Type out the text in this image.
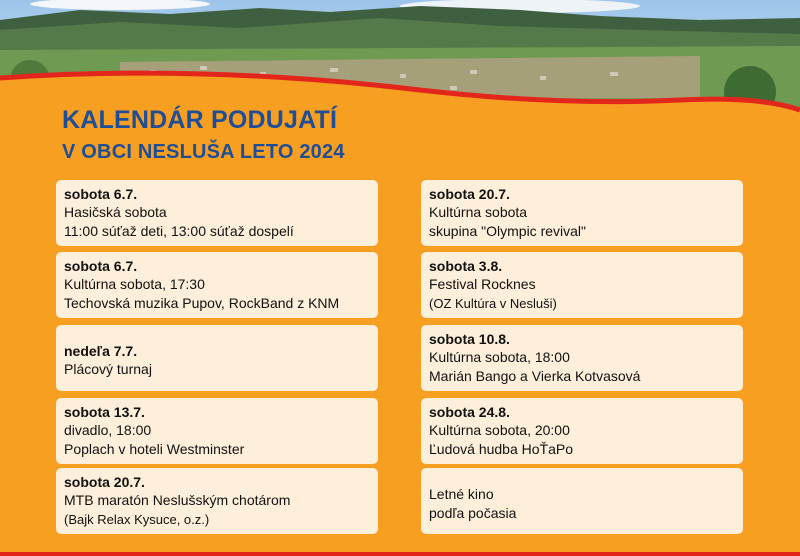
KALENDÁR PODUJATÍ
V OBCI NESLUŠA LETO 2024
sobota 6.7.
Hasičská sobota
11:00 súťaž deti, 13:00 súťaž dospelí
sobota 6.7.
Kultúrna sobota, 17:30
Techovská muzika Pupov, RockBand z KNM
nedeľa 7.7.
Plácový turnaj
sobota 13.7.
divadlo, 18:00
Poplach v hoteli Westminster
sobota 20.7.
MTB maratón Neslušským chotárom
(Bajk Relax Kysuce, o.z.)
sobota 20.7.
Kultúrna sobota
skupina "Olympic revival"
sobota 3.8.
Festival Rocknes
(OZ Kultúra v Nesluši)
sobota 10.8.
Kultúrna sobota, 18:00
Marián Bango a Vierka Kotvasová
sobota 24.8.
Kultúrna sobota, 20:00
Ľudová hudba HoŤaPo
Letné kino
podľa počasia
